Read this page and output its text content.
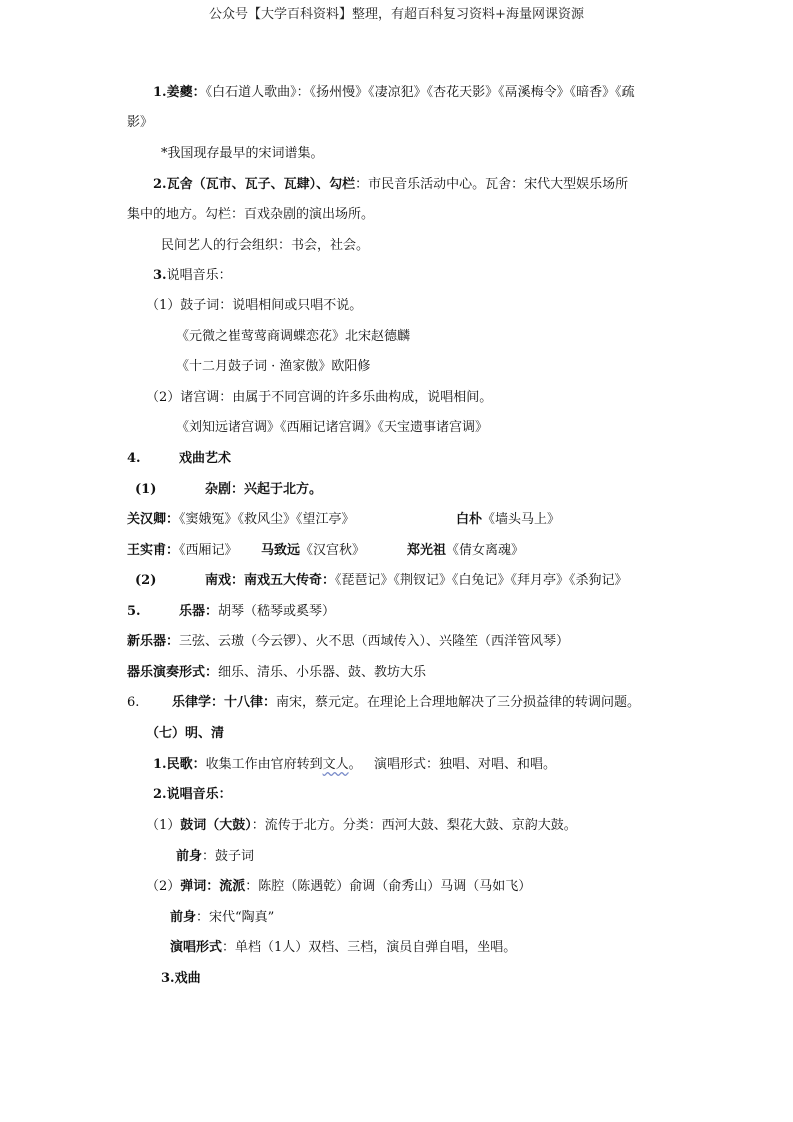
公众号【大学百科资料】整理，有超百科复习资料+海量网课资源
1.姜夔：《白石道人歌曲》：《扬州慢》《凄凉犯》《杏花天影》《鬲溪梅令》《暗香》《疏
影》
*我国现存最早的宋词谱集。
2.瓦舍（瓦市、瓦子、瓦肆）、勾栏：市民音乐活动中心。瓦舍：宋代大型娱乐场所
集中的地方。勾栏：百戏杂剧的演出场所。
民间艺人的行会组织：书会，社会。
3.说唱音乐：
（1）鼓子词：说唱相间或只唱不说。
《元微之崔莺莺商调蝶恋花》北宋赵德麟
《十二月鼓子词 · 渔家傲》欧阳修
（2）诸宫调：由属于不同宫调的许多乐曲构成，说唱相间。
《刘知远诸宫调》《西厢记诸宫调》《天宝遗事诸宫调》
4.	戏曲艺术
(1)	杂剧：兴起于北方。
关汉卿：《窦娥冤》《救风尘》《望江亭》	白朴《墙头马上》
王实甫：《西厢记》 马致远《汉宫秋》	郑光祖《倩女离魂》
(2)	南戏：南戏五大传奇：《琵琶记》《荆钗记》《白兔记》《拜月亭》《杀狗记》
5.	乐器：胡琴（嵇琴或奚琴）
新乐器：三弦、云璈（今云锣）、火不思（西域传入）、兴隆笙（西洋管风琴）
器乐演奏形式：细乐、清乐、小乐器、鼓、教坊大乐
6.	乐律学：十八律：南宋，蔡元定。在理论上合理地解决了三分损益律的转调问题。
（七）明、清
1.民歌：收集工作由官府转到文人。   演唱形式：独唱、对唱、和唱。
2.说唱音乐：
（1）鼓词（大鼓）：流传于北方。分类：西河大鼓、梨花大鼓、京韵大鼓。
前身：鼓子词
（2）弹词：流派：陈腔（陈遇乾）俞调（俞秀山）马调（马如飞）
前身：宋代“陶真”
演唱形式：单档（1人）双档、三档，演员自弹自唱，坐唱。
3.戏曲
